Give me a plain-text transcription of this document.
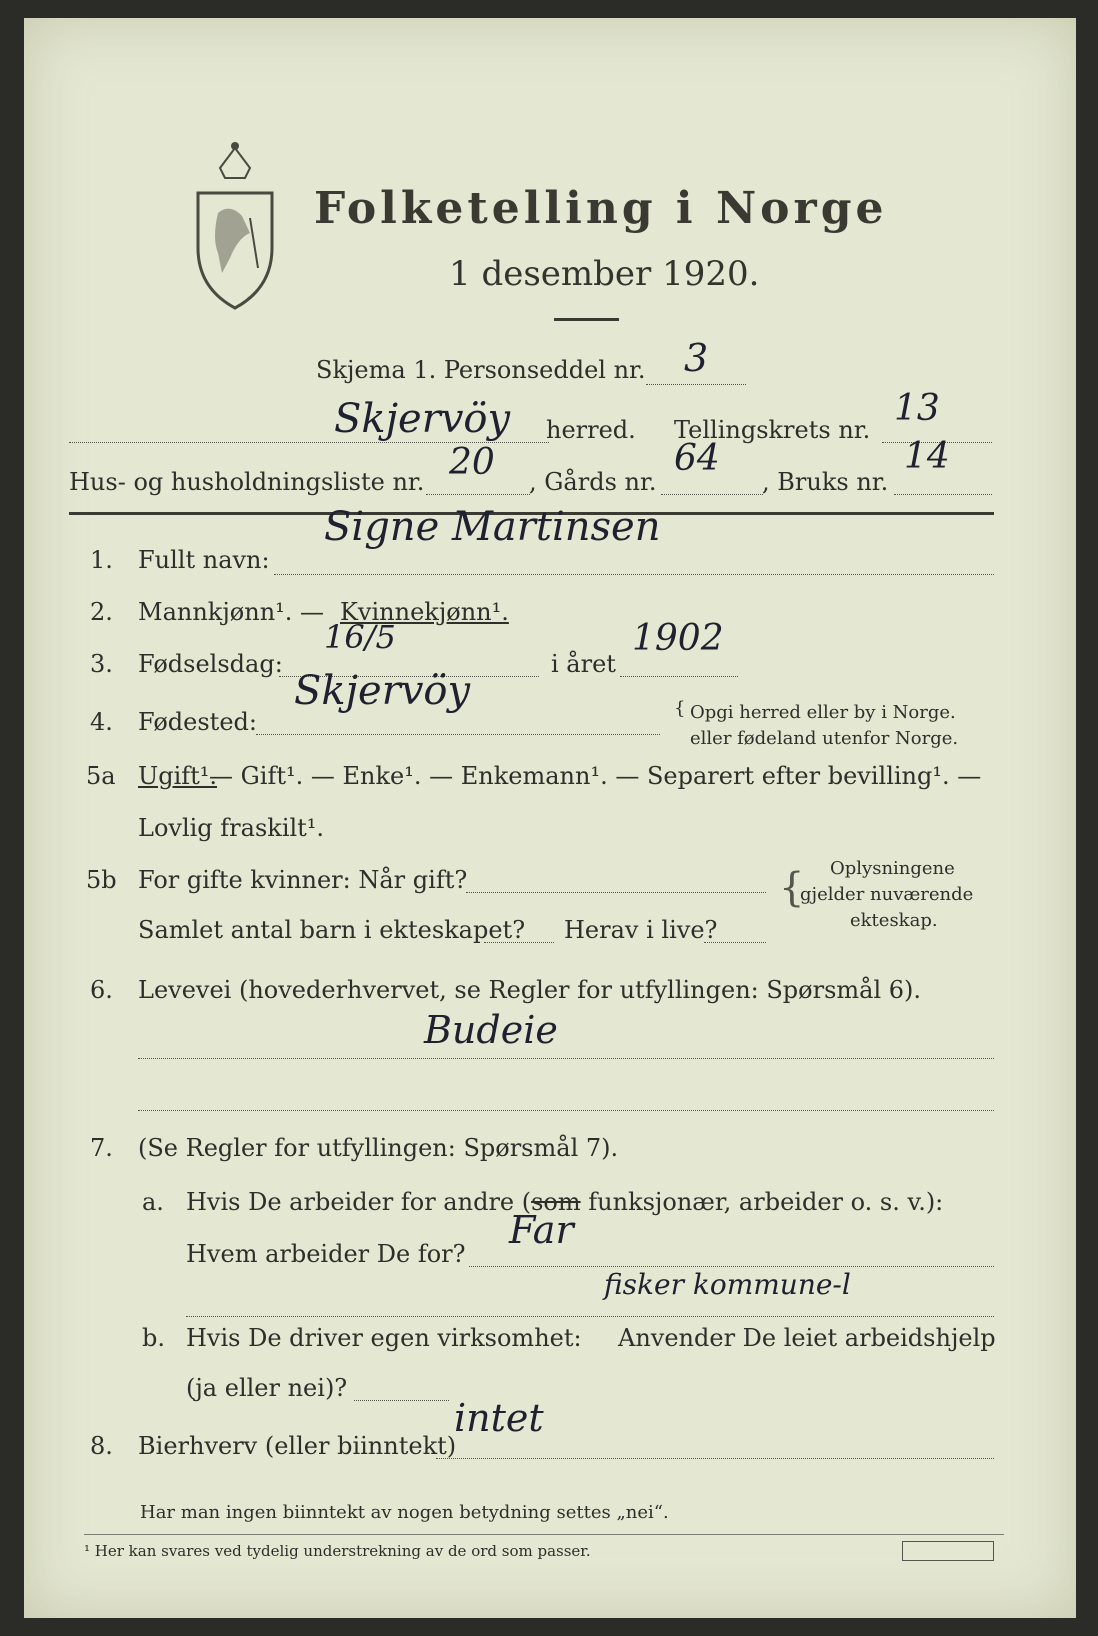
Folketelling i Norge
1 desember 1920.
Skjema 1. Personseddel nr. 3
Skjervöy herred. Tellingskrets nr.
13
Hus- og husholdningsliste nr. 20 , Gårds nr.
64
, Bruks nr.
14
1. Fullt navn:
Signe Martinsen
2. Mannkjønn¹. — Kvinnekjønn¹.
3. Fødselsdag:
16/5
i året
1902
4. Fødested:
Skjervöy	{ Opgi herred eller by i Norge.
eller fødeland utenfor Norge.
5a Ugift¹.
— Gift¹. — Enke¹. — Enkemann¹. — Separert efter bevilling¹. —
Lovlig fraskilt¹.
5b For gifte kvinner: Når gift?
Samlet antal barn i ekteskapet? Herav i live?
{ Oplysningene
gjelder nuværende
ekteskap.
6. Levevei (hovederhvervet, se Regler for utfyllingen: Spørsmål 6).
Budeie
7. (Se Regler for utfyllingen: Spørsmål 7).
a. Hvis De arbeider for andre (som funksjonær, arbeider o. s. v.):
Hvem arbeider De for?
Far
fisker kommune-l
b. Hvis De driver egen virksomhet: Anvender De leiet arbeidshjelp
(ja eller nei)?
8. Bierhverv (eller biinntekt)
intet
Har man ingen biinntekt av nogen betydning settes „nei“.
¹ Her kan svares ved tydelig understrekning av de ord som passer.
